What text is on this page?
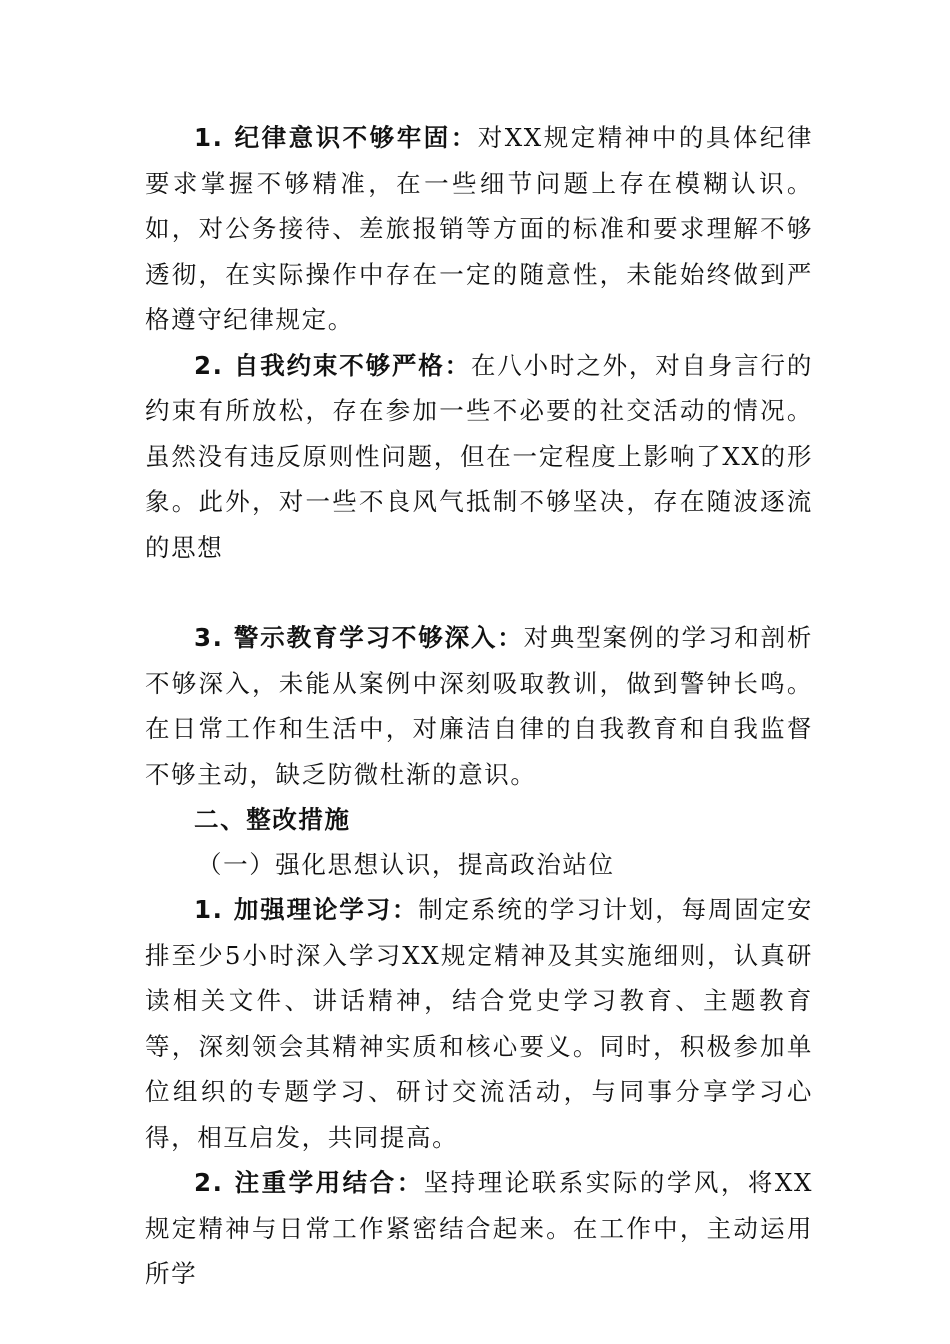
1. 纪律意识不够牢固：对XX规定精神中的具体纪律要求掌握不够精准，在一些细节问题上存在模糊认识。如，对公务接待、差旅报销等方面的标准和要求理解不够透彻，在实际操作中存在一定的随意性，未能始终做到严格遵守纪律规定。

2. 自我约束不够严格：在八小时之外，对自身言行的约束有所放松，存在参加一些不必要的社交活动的情况。虽然没有违反原则性问题，但在一定程度上影响了XX的形象。此外，对一些不良风气抵制不够坚决，存在随波逐流的思想

3. 警示教育学习不够深入：对典型案例的学习和剖析不够深入，未能从案例中深刻吸取教训，做到警钟长鸣。在日常工作和生活中，对廉洁自律的自我教育和自我监督不够主动，缺乏防微杜渐的意识。

二、整改措施

（一）强化思想认识，提高政治站位

1. 加强理论学习：制定系统的学习计划，每周固定安排至少5小时深入学习XX规定精神及其实施细则，认真研读相关文件、讲话精神，结合党史学习教育、主题教育等，深刻领会其精神实质和核心要义。同时，积极参加单位组织的专题学习、研讨交流活动，与同事分享学习心得，相互启发，共同提高。

2. 注重学用结合：坚持理论联系实际的学风，将XX规定精神与日常工作紧密结合起来。在工作中，主动运用所学
